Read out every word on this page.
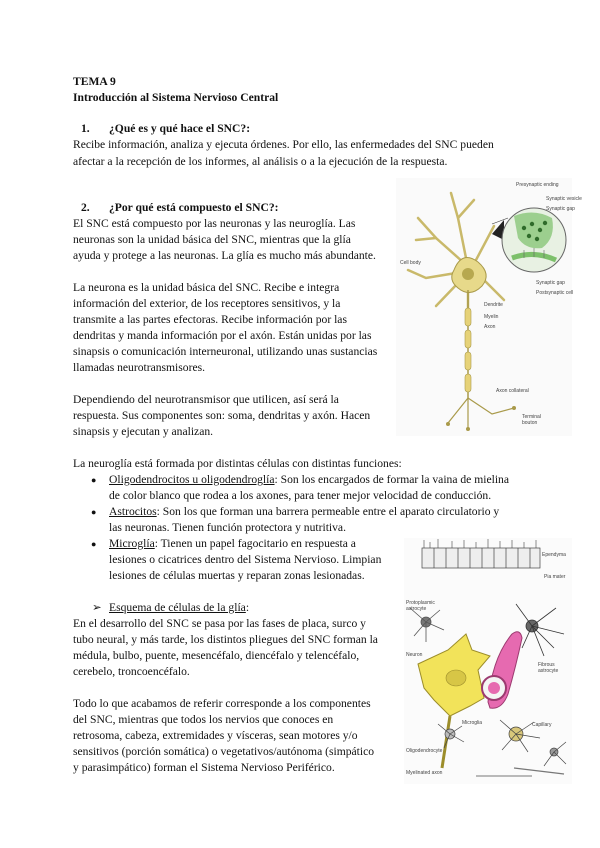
TEMA 9
Introducción al Sistema Nervioso Central
1. ¿Qué es y qué hace el SNC?:
Recibe información, analiza y ejecuta órdenes. Por ello, las enfermedades del SNC pueden
afectar a la recepción de los informes, al análisis o a la ejecución de la respuesta.
2. ¿Por qué está compuesto el SNC?:
El SNC está compuesto por las neuronas y las neuroglía. Las
neuronas son la unidad básica del SNC, mientras que la glía
ayuda y protege a las neuronas. La glía es mucho más abundante.
La neurona es la unidad básica del SNC. Recibe e integra
información del exterior, de los receptores sensitivos, y la
transmite a las partes efectoras. Recibe información por las
dendritas y manda información por el axón. Están unidas por las
sinapsis o comunicación interneuronal, utilizando unas sustancias
llamadas neurotransmisores.
Dependiendo del neurotransmisor que utilicen, así será la
respuesta. Sus componentes son: soma, dendritas y axón. Hacen
sinapsis y ejecutan y analizan.
La neuroglía está formada por distintas células con distintas funciones:
● Oligodendrocitos u oligodendroglía: Son los encargados de formar la vaina de mielina
de color blanco que rodea a los axones, para tener mejor velocidad de conducción.
● Astrocitos: Son los que forman una barrera permeable entre el aparato circulatorio y
las neuronas. Tienen función protectora y nutritiva.
● Microglía: Tienen un papel fagocitario en respuesta a
lesiones o cicatrices dentro del Sistema Nervioso. Limpian
lesiones de células muertas y reparan zonas lesionadas.
➢ Esquema de células de la glía:
En el desarrollo del SNC se pasa por las fases de placa, surco y
tubo neural, y más tarde, los distintos pliegues del SNC forman la
médula, bulbo, puente, mesencéfalo, diencéfalo y telencéfalo,
cerebelo, troncoencéfalo.
Todo lo que acabamos de referir corresponde a los componentes
del SNC, mientras que todos los nervios que conoces en
retrosoma, cabeza, extremidades y vísceras, sean motores y/o
sensitivos (porción somática) o vegetativos/autónoma (simpático
y parasimpático) forman el Sistema Nervioso Periférico.
Presynaptic ending
Synaptic vesicle
Synaptic gap
Cell body
Synaptic gap
Postsynaptic cell
Dendrite
Myelin
Axon
Axon collateral
Terminal
bouton
Ependyma
Pia mater
Protoplasmic
astrocyte
Neuron
Fibrous
astrocyte
Microglia
Oligodendrocyte
Capillary
Myelinated axon
